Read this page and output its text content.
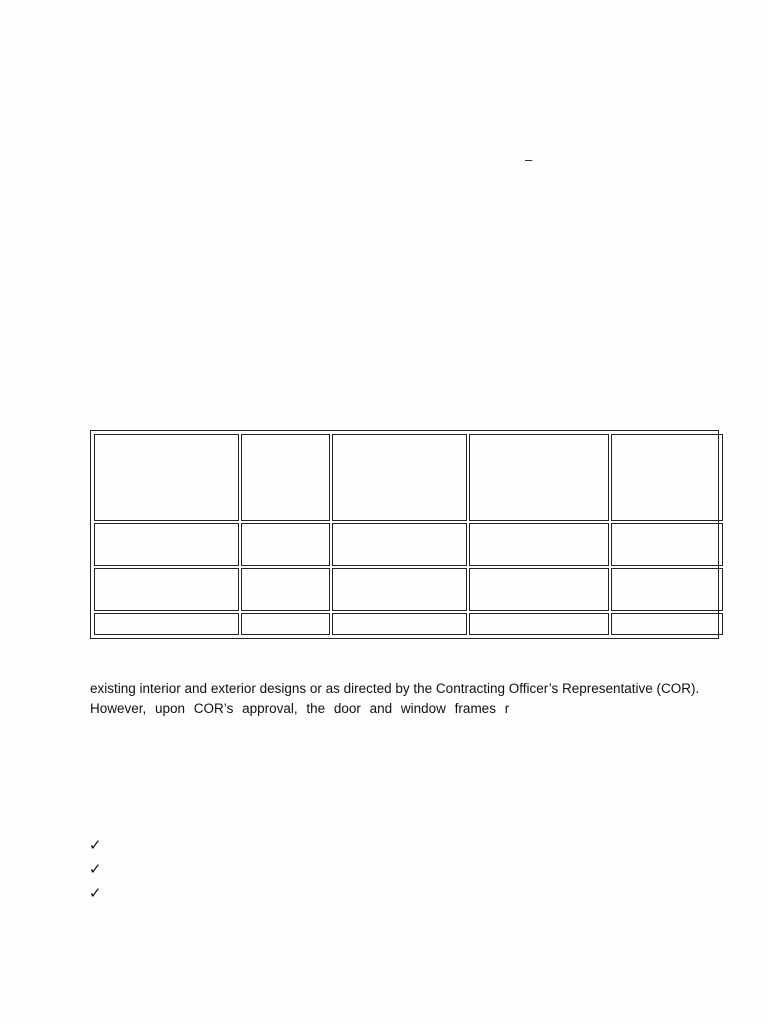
–

existing interior and exterior designs or as directed by the Contracting Officer’s Representative (COR).
However, upon COR’s approval, the door and window frames r

✓
✓
✓
